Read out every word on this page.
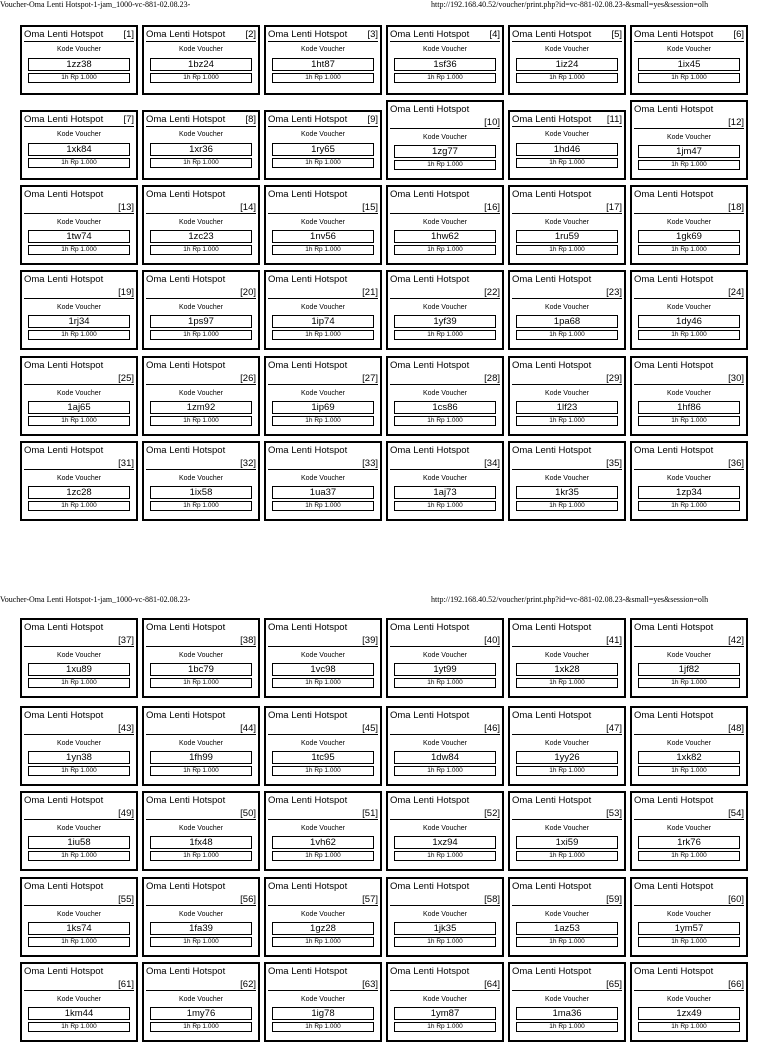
Voucher-Oma Lenti Hotspot-1-jam_1000-vc-881-02.08.23-	http://192.168.40.52/voucher/print.php?id=vc-881-02.08.23-&small=yes&session=olh
Oma Lenti Hotspot [1]
Kode Voucher
1zz38
1h Rp 1.000
Oma Lenti Hotspot [2]
Kode Voucher
1bz24
1h Rp 1.000
Oma Lenti Hotspot [3]
Kode Voucher
1ht87
1h Rp 1.000
Oma Lenti Hotspot [4]
Kode Voucher
1sf36
1h Rp 1.000
Oma Lenti Hotspot [5]
Kode Voucher
1iz24
1h Rp 1.000
Oma Lenti Hotspot [6]
Kode Voucher
1ix45
1h Rp 1.000
Oma Lenti Hotspot [7]
Kode Voucher
1xk84
1h Rp 1.000
Oma Lenti Hotspot [8]
Kode Voucher
1xr36
1h Rp 1.000
Oma Lenti Hotspot [9]
Kode Voucher
1ry65
1h Rp 1.000
Oma Lenti Hotspot
[10]
Kode Voucher
1zg77
1h Rp 1.000
Oma Lenti Hotspot [11]
Kode Voucher
1hd46
1h Rp 1.000
Oma Lenti Hotspot
[12]
Kode Voucher
1jm47
1h Rp 1.000
Oma Lenti Hotspot
[13]
Kode Voucher
1tw74
1h Rp 1.000
Oma Lenti Hotspot
[14]
Kode Voucher
1zc23
1h Rp 1.000
Oma Lenti Hotspot
[15]
Kode Voucher
1nv56
1h Rp 1.000
Oma Lenti Hotspot
[16]
Kode Voucher
1hw62
1h Rp 1.000
Oma Lenti Hotspot
[17]
Kode Voucher
1ru59
1h Rp 1.000
Oma Lenti Hotspot
[18]
Kode Voucher
1gk69
1h Rp 1.000
Oma Lenti Hotspot
[19]
Kode Voucher
1rj34
1h Rp 1.000
Oma Lenti Hotspot
[20]
Kode Voucher
1ps97
1h Rp 1.000
Oma Lenti Hotspot
[21]
Kode Voucher
1ip74
1h Rp 1.000
Oma Lenti Hotspot
[22]
Kode Voucher
1yf39
1h Rp 1.000
Oma Lenti Hotspot
[23]
Kode Voucher
1pa68
1h Rp 1.000
Oma Lenti Hotspot
[24]
Kode Voucher
1dy46
1h Rp 1.000
Oma Lenti Hotspot
[25]
Kode Voucher
1aj65
1h Rp 1.000
Oma Lenti Hotspot
[26]
Kode Voucher
1zm92
1h Rp 1.000
Oma Lenti Hotspot
[27]
Kode Voucher
1ip69
1h Rp 1.000
Oma Lenti Hotspot
[28]
Kode Voucher
1cs86
1h Rp 1.000
Oma Lenti Hotspot
[29]
Kode Voucher
1lf23
1h Rp 1.000
Oma Lenti Hotspot
[30]
Kode Voucher
1hf86
1h Rp 1.000
Oma Lenti Hotspot
[31]
Kode Voucher
1zc28
1h Rp 1.000
Oma Lenti Hotspot
[32]
Kode Voucher
1ix58
1h Rp 1.000
Oma Lenti Hotspot
[33]
Kode Voucher
1ua37
1h Rp 1.000
Oma Lenti Hotspot
[34]
Kode Voucher
1aj73
1h Rp 1.000
Oma Lenti Hotspot
[35]
Kode Voucher
1kr35
1h Rp 1.000
Oma Lenti Hotspot
[36]
Kode Voucher
1zp34
1h Rp 1.000
Voucher-Oma Lenti Hotspot-1-jam_1000-vc-881-02.08.23-	http://192.168.40.52/voucher/print.php?id=vc-881-02.08.23-&small=yes&session=olh
Oma Lenti Hotspot
[37]
Kode Voucher
1xu89
1h Rp 1.000
Oma Lenti Hotspot
[38]
Kode Voucher
1bc79
1h Rp 1.000
Oma Lenti Hotspot
[39]
Kode Voucher
1vc98
1h Rp 1.000
Oma Lenti Hotspot
[40]
Kode Voucher
1yt99
1h Rp 1.000
Oma Lenti Hotspot
[41]
Kode Voucher
1xk28
1h Rp 1.000
Oma Lenti Hotspot
[42]
Kode Voucher
1jf82
1h Rp 1.000
Oma Lenti Hotspot
[43]
Kode Voucher
1yn38
1h Rp 1.000
Oma Lenti Hotspot
[44]
Kode Voucher
1fh99
1h Rp 1.000
Oma Lenti Hotspot
[45]
Kode Voucher
1tc95
1h Rp 1.000
Oma Lenti Hotspot
[46]
Kode Voucher
1dw84
1h Rp 1.000
Oma Lenti Hotspot
[47]
Kode Voucher
1yy26
1h Rp 1.000
Oma Lenti Hotspot
[48]
Kode Voucher
1xk82
1h Rp 1.000
Oma Lenti Hotspot
[49]
Kode Voucher
1iu58
1h Rp 1.000
Oma Lenti Hotspot
[50]
Kode Voucher
1fx48
1h Rp 1.000
Oma Lenti Hotspot
[51]
Kode Voucher
1vh62
1h Rp 1.000
Oma Lenti Hotspot
[52]
Kode Voucher
1xz94
1h Rp 1.000
Oma Lenti Hotspot
[53]
Kode Voucher
1xi59
1h Rp 1.000
Oma Lenti Hotspot
[54]
Kode Voucher
1rk76
1h Rp 1.000
Oma Lenti Hotspot
[55]
Kode Voucher
1ks74
1h Rp 1.000
Oma Lenti Hotspot
[56]
Kode Voucher
1fa39
1h Rp 1.000
Oma Lenti Hotspot
[57]
Kode Voucher
1gz28
1h Rp 1.000
Oma Lenti Hotspot
[58]
Kode Voucher
1jk35
1h Rp 1.000
Oma Lenti Hotspot
[59]
Kode Voucher
1az53
1h Rp 1.000
Oma Lenti Hotspot
[60]
Kode Voucher
1ym57
1h Rp 1.000
Oma Lenti Hotspot
[61]
Kode Voucher
1km44
1h Rp 1.000
Oma Lenti Hotspot
[62]
Kode Voucher
1my76
1h Rp 1.000
Oma Lenti Hotspot
[63]
Kode Voucher
1ig78
1h Rp 1.000
Oma Lenti Hotspot
[64]
Kode Voucher
1ym87
1h Rp 1.000
Oma Lenti Hotspot
[65]
Kode Voucher
1ma36
1h Rp 1.000
Oma Lenti Hotspot
[66]
Kode Voucher
1zx49
1h Rp 1.000
